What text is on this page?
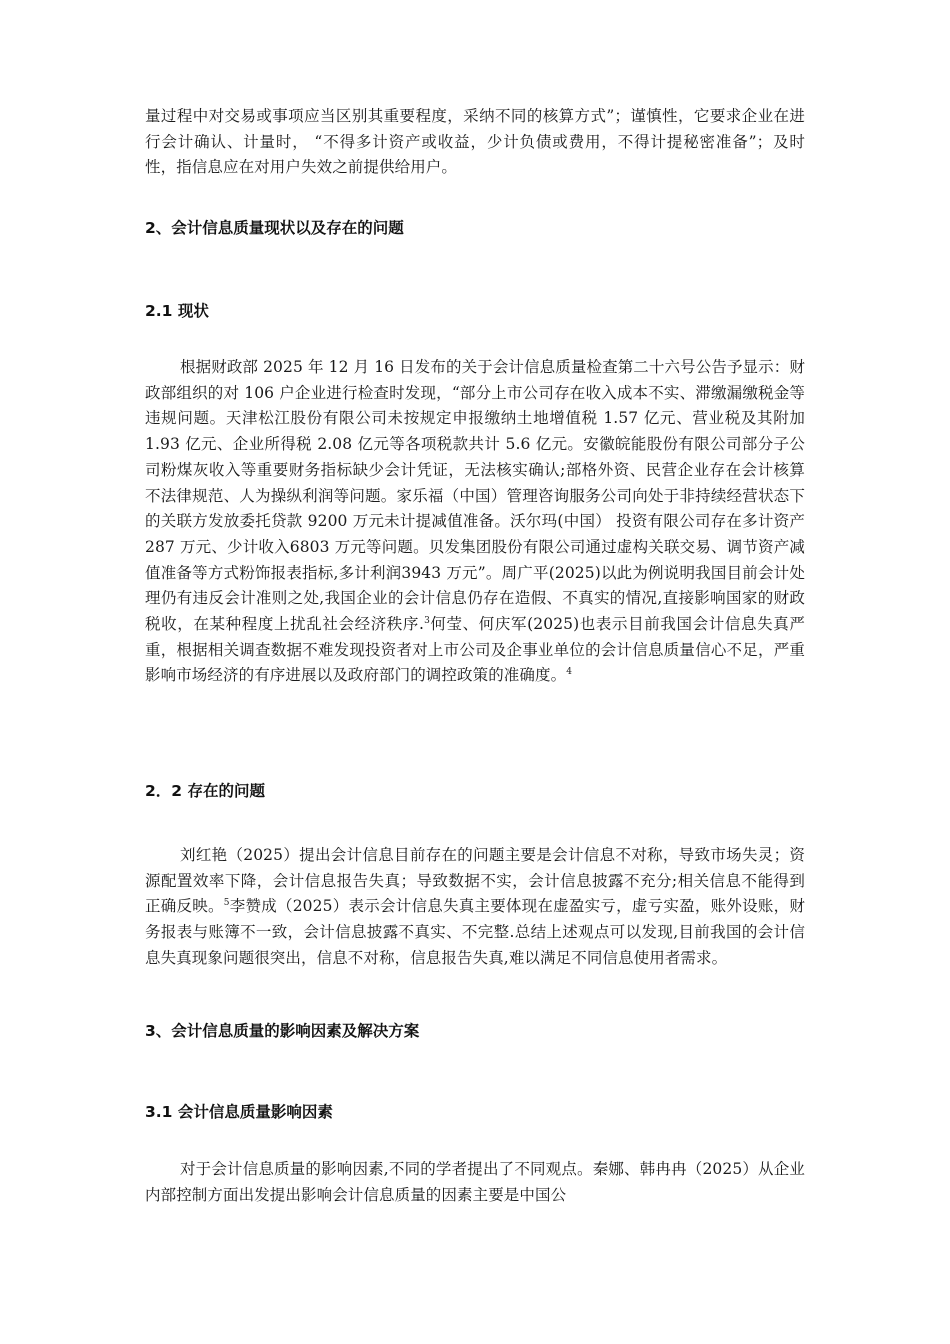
量过程中对交易或事项应当区别其重要程度，采纳不同的核算方式”；谨慎性，它要求企业在进行会计确认、计量时， “不得多计资产或收益，少计负债或费用，不得计提秘密准备”；及时性，指信息应在对用户失效之前提供给用户。

2、会计信息质量现状以及存在的问题
2.1 现状

根据财政部 2025 年 12 月 16 日发布的关于会计信息质量检查第二十六号公告予显示：财政部组织的对 106 户企业进行检查时发现，“部分上市公司存在收入成本不实、滞缴漏缴税金等违规问题。天津松江股份有限公司未按规定申报缴纳土地增值税 1.57 亿元、营业税及其附加1.93 亿元、企业所得税 2.08 亿元等各项税款共计 5.6 亿元。安徽皖能股份有限公司部分子公司粉煤灰收入等重要财务指标缺少会计凭证，无法核实确认;部格外资、民营企业存在会计核算不法律规范、人为操纵利润等问题。家乐福（中国）管理咨询服务公司向处于非持续经营状态下的关联方发放委托贷款 9200 万元未计提减值准备。沃尔玛(中国） 投资有限公司存在多计资产 287 万元、少计收入6803 万元等问题。贝发集团股份有限公司通过虚构关联交易、调节资产减值准备等方式粉饰报表指标,多计利润3943 万元”。周广平(2025)以此为例说明我国目前会计处理仍有违反会计准则之处,我国企业的会计信息仍存在造假、不真实的情况,直接影响国家的财政税收，在某种程度上扰乱社会经济秩序.$^3$何莹、何庆军(2025)也表示目前我国会计信息失真严重，根据相关调查数据不难发现投资者对上市公司及企事业单位的会计信息质量信心不足，严重影响市场经济的有序进展以及政府部门的调控政策的准确度。$^4$

2．2 存在的问题

刘红艳（2025）提出会计信息目前存在的问题主要是会计信息不对称，导致市场失灵；资源配置效率下降，会计信息报告失真；导致数据不实，会计信息披露不充分;相关信息不能得到正确反映。$^5$李赞成（2025）表示会计信息失真主要体现在虚盈实亏，虚亏实盈，账外设账，财务报表与账簿不一致，会计信息披露不真实、不完整.总结上述观点可以发现,目前我国的会计信息失真现象问题很突出，信息不对称，信息报告失真,难以满足不同信息使用者需求。

3、会计信息质量的影响因素及解决方案
3.1 会计信息质量影响因素

对于会计信息质量的影响因素,不同的学者提出了不同观点。秦娜、韩冉冉（2025）从企业内部控制方面出发提出影响会计信息质量的因素主要是中国公
